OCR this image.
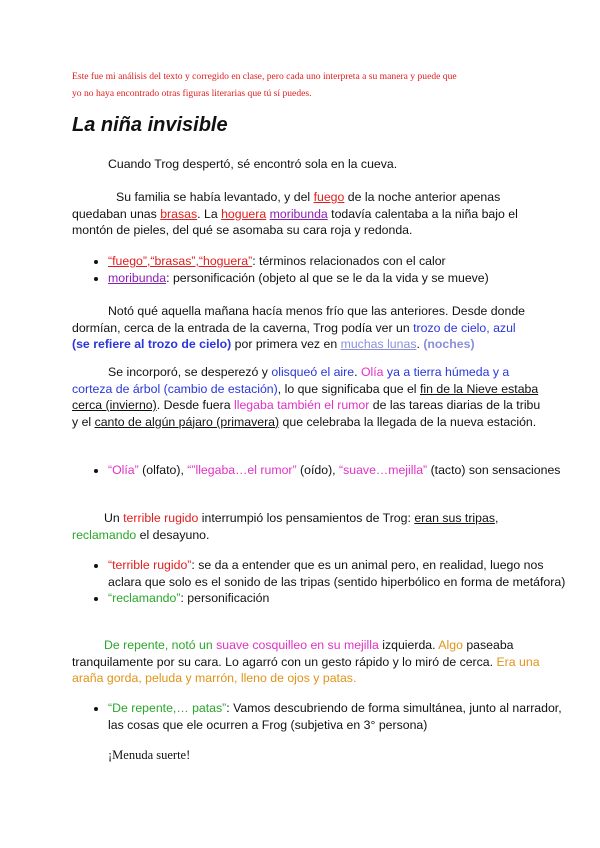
Este fue mi análisis del texto y corregido en clase, pero cada uno interpreta a su manera y puede que
yo no haya encontrado otras figuras literarias que tú sí puedes.
La niña invisible
Cuando Trog despertó, sé encontró sola en la cueva.
Su familia se había levantado, y del fuego de la noche anterior apenas quedaban unas brasas. La hoguera moribunda todavía calentaba a la niña bajo el montón de pieles, del qué se asomaba su cara roja y redonda.
• “fuego”,“brasas”,“hoguera”: términos relacionados con el calor
• moribunda: personificación (objeto al que se le da la vida y se mueve)
Notó qué aquella mañana hacía menos frío que las anteriores. Desde donde dormían, cerca de la entrada de la caverna, Trog podía ver un trozo de cielo, azul
(se refiere al trozo de cielo) por primera vez en muchas lunas. (noches)
Se incorporó, se desperezó y olisqueó el aire. Olía ya a tierra húmeda y a corteza de árbol (cambio de estación), lo que significaba que el fin de la Nieve estaba cerca (invierno). Desde fuera llegaba también el rumor de las tareas diarias de la tribu y el canto de algún pájaro (primavera) que celebraba la llegada de la nueva estación.
• “Olía” (olfato), “”llegaba…el rumor” (oído), “suave…mejilla” (tacto) son sensaciones
Un terrible rugido interrumpió los pensamientos de Trog: eran sus tripas, reclamando el desayuno.
• “terrible rugido”: se da a entender que es un animal pero, en realidad, luego nos aclara que solo es el sonido de las tripas (sentido hiperbólico en forma de metáfora)
• “reclamando”: personificación
De repente, notó un suave cosquilleo en su mejilla izquierda. Algo paseaba tranquilamente por su cara. Lo agarró con un gesto rápido y lo miró de cerca. Era una araña gorda, peluda y marrón, lleno de ojos y patas.
• “De repente,… patas”: Vamos descubriendo de forma simultánea, junto al narrador, las cosas que ele ocurren a Frog (subjetiva en 3° persona)
¡Menuda suerte!
